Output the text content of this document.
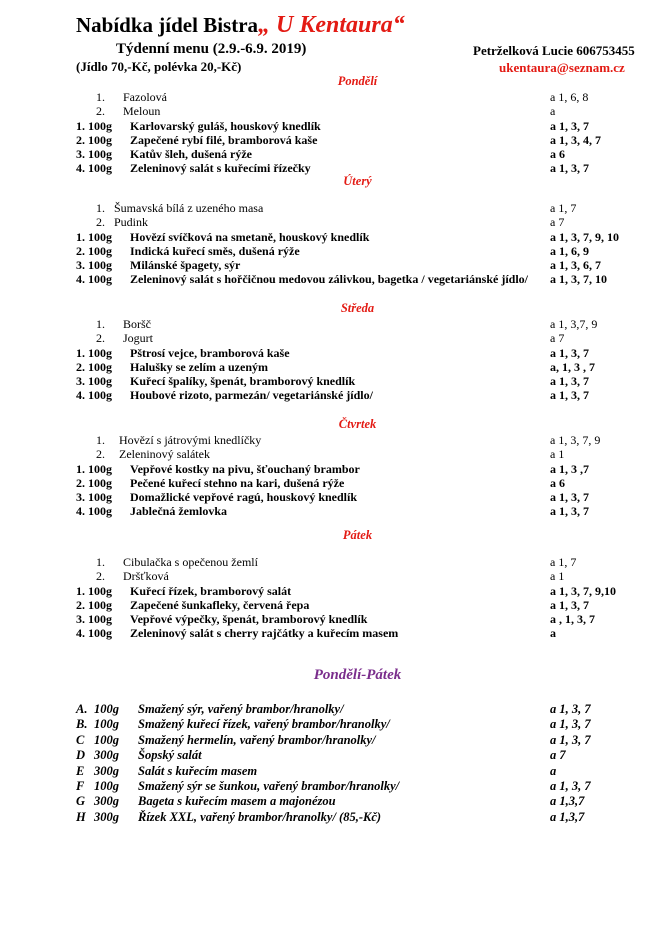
Nabídka jídel Bistra„ U Kentaura“
Týdenní menu (2.9.-6.9. 2019)
(Jídlo 70,-Kč, polévka 20,-Kč)
Petrželková Lucie 606753455
ukentaura@seznam.cz
Pondělí
1. Fazolová	a 1, 6, 8
2. Meloun	a
1. 100g Karlovarský guláš, houskový knedlík	a 1, 3, 7
2. 100g Zapečené rybí filé, bramborová kaše	a 1, 3, 4, 7
3. 100g Katův šleh, dušená rýže	a 6
4. 100g Zeleninový salát s kuřecími řízečky	a 1, 3, 7
Úterý
1. Šumavská bílá z uzeného masa	a 1, 7
2. Pudink	a 7
1. 100g Hovězí svíčková na smetaně, houskový knedlík	a 1, 3, 7, 9, 10
2. 100g Indická kuřecí směs, dušená rýže	a 1, 6, 9
3. 100g Milánské špagety, sýr	a 1, 3, 6, 7
4. 100g Zeleninový salát s hořčičnou medovou zálivkou, bagetka / vegetariánské jídlo/ a 1, 3, 7, 10
Středa
1. Boršč	a 1, 3,7, 9
2. Jogurt	a 7
1. 100g Pštrosí vejce, bramborová kaše	a 1, 3, 7
2. 100g Halušky se zelím a uzeným	a, 1, 3 , 7
3. 100g Kuřecí špalíky, špenát, bramborový knedlík	a 1, 3, 7
4. 100g Houbové rizoto, parmezán/ vegetariánské jídlo/	a 1, 3, 7
Čtvrtek
1. Hovězí s játrovými knedlíčky	a 1, 3, 7, 9
2. Zeleninový salátek	a 1
1. 100g Vepřové kostky na pivu, šťouchaný brambor	a 1, 3 ,7
2. 100g Pečené kuřecí stehno na kari, dušená rýže	a 6
3. 100g Domažlické vepřové ragú, houskový knedlík	a 1, 3, 7
4. 100g Jablečná žemlovka	a 1, 3, 7
Pátek
1. Cibulačka s opečenou žemlí	a 1, 7
2. Dršťková	a 1
1. 100g Kuřecí řízek, bramborový salát	a 1, 3, 7, 9,10
2. 100g Zapečené šunkafleky, červená řepa	a 1, 3, 7
3. 100g Vepřové výpečky, špenát, bramborový knedlík	a , 1, 3, 7
4. 100g Zeleninový salát s cherry rajčátky a kuřecím masem	a
Pondělí-Pátek
A. 100g Smažený sýr, vařený brambor/hranolky/	a 1, 3, 7
B. 100g Smažený kuřecí řízek, vařený brambor/hranolky/	a 1, 3, 7
C 100g Smažený hermelín, vařený brambor/hranolky/	a 1, 3, 7
D 300g Šopský salát	a 7
E 300g Salát s kuřecím masem	a
F 100g Smažený sýr se šunkou, vařený brambor/hranolky/	a 1, 3, 7
G 300g Bageta s kuřecím masem a majonézou	a 1,3,7
H 300g Řízek XXL, vařený brambor/hranolky/ (85,-Kč)	a 1,3,7
